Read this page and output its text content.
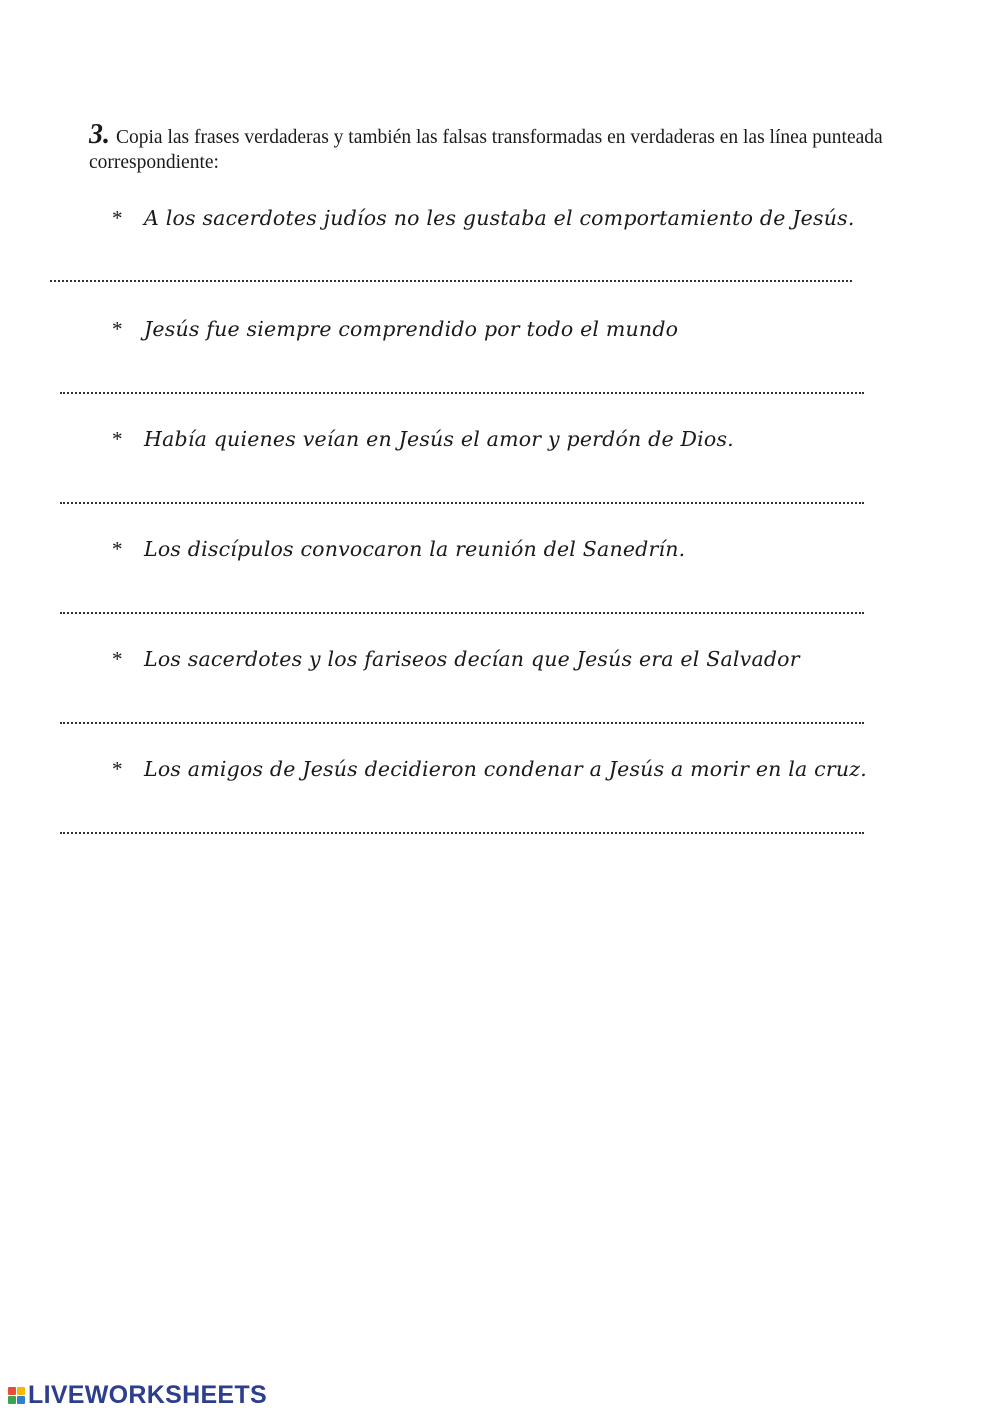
3. Copia las frases verdaderas y también las falsas transformadas en verdaderas en las línea punteada correspondiente:
* A los sacerdotes judíos no les gustaba el comportamiento de Jesús.
* Jesús fue siempre comprendido por todo el mundo
* Había quienes veían en Jesús el amor y perdón de Dios.
* Los discípulos convocaron la reunión del Sanedrín.
* Los sacerdotes y los fariseos decían que Jesús era el Salvador
* Los amigos de Jesús decidieron condenar a Jesús a morir en la cruz.
LIVEWORKSHEETS
